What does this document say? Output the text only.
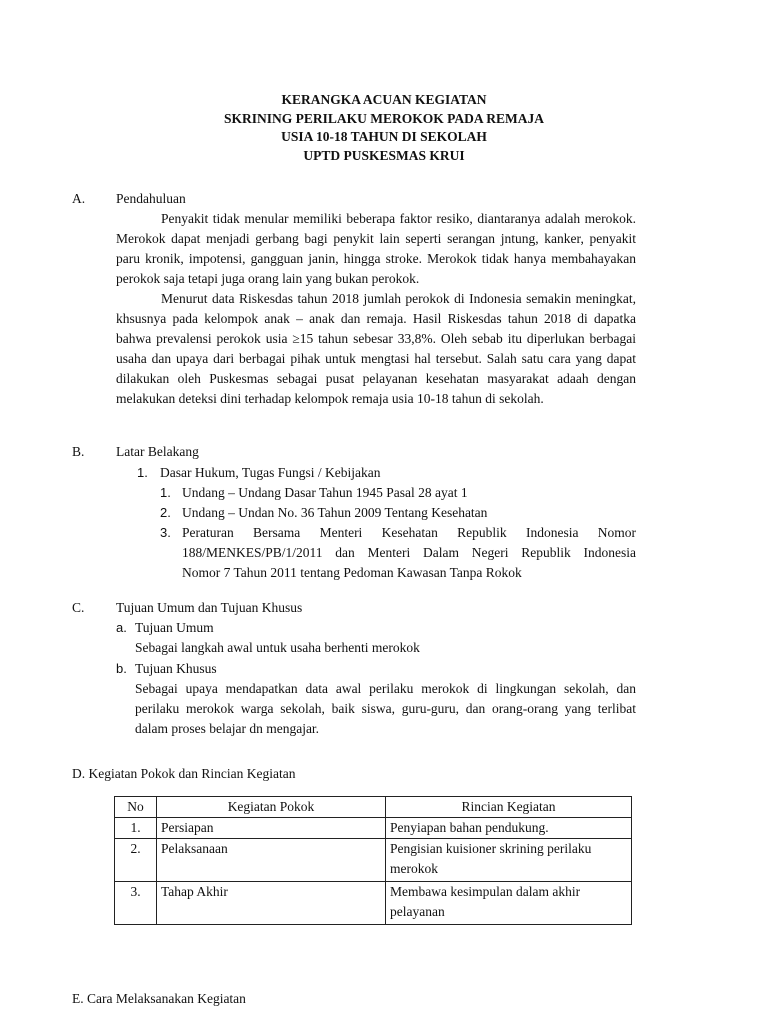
KERANGKA ACUAN KEGIATAN
SKRINING PERILAKU MEROKOK PADA REMAJA
USIA 10-18 TAHUN DI SEKOLAH
UPTD PUSKESMAS KRUI
A. Pendahuluan

Penyakit tidak menular memiliki beberapa faktor resiko, diantaranya adalah merokok. Merokok dapat menjadi gerbang bagi penykit lain seperti serangan jntung, kanker, penyakit paru kronik, impotensi, gangguan janin, hingga stroke. Merokok tidak hanya membahayakan perokok saja tetapi juga orang lain yang bukan perokok.

Menurut data Riskesdas tahun 2018 jumlah perokok di Indonesia semakin meningkat, khsusnya pada kelompok anak – anak dan remaja. Hasil Riskesdas tahun 2018 di dapatka bahwa prevalensi perokok usia ≥15 tahun sebesar 33,8%. Oleh sebab itu diperlukan berbagai usaha dan upaya dari berbagai pihak untuk mengtasi hal tersebut. Salah satu cara yang dapat dilakukan oleh Puskesmas sebagai pusat pelayanan kesehatan masyarakat adaah dengan melakukan deteksi dini terhadap kelompok remaja usia 10-18 tahun di sekolah.

B. Latar Belakang
1. Dasar Hukum, Tugas Fungsi / Kebijakan
1. Undang – Undang Dasar Tahun 1945 Pasal 28 ayat 1
2. Undang – Undan No. 36 Tahun 2009 Tentang Kesehatan
3. Peraturan Bersama Menteri Kesehatan Republik Indonesia Nomor
188/MENKES/PB/1/2011 dan Menteri Dalam Negeri Republik Indonesia
Nomor 7 Tahun 2011 tentang Pedoman Kawasan Tanpa Rokok
C. Tujuan Umum dan Tujuan Khusus
a. Tujuan Umum
Sebagai langkah awal untuk usaha berhenti merokok
b. Tujuan Khusus
Sebagai upaya mendapatkan data awal perilaku merokok di lingkungan sekolah, dan perilaku merokok warga sekolah, baik siswa, guru-guru, dan orang-orang yang terlibat dalam proses belajar dn mengajar.
D. Kegiatan Pokok dan Rincian Kegiatan
No	Kegiatan Pokok	Rincian Kegiatan
1.	Persiapan	Penyiapan bahan pendukung.
2.	Pelaksanaan	Pengisian kuisioner skrining perilaku merokok
3.	Tahap Akhir	Membawa kesimpulan dalam akhir pelayanan
E. Cara Melaksanakan Kegiatan
